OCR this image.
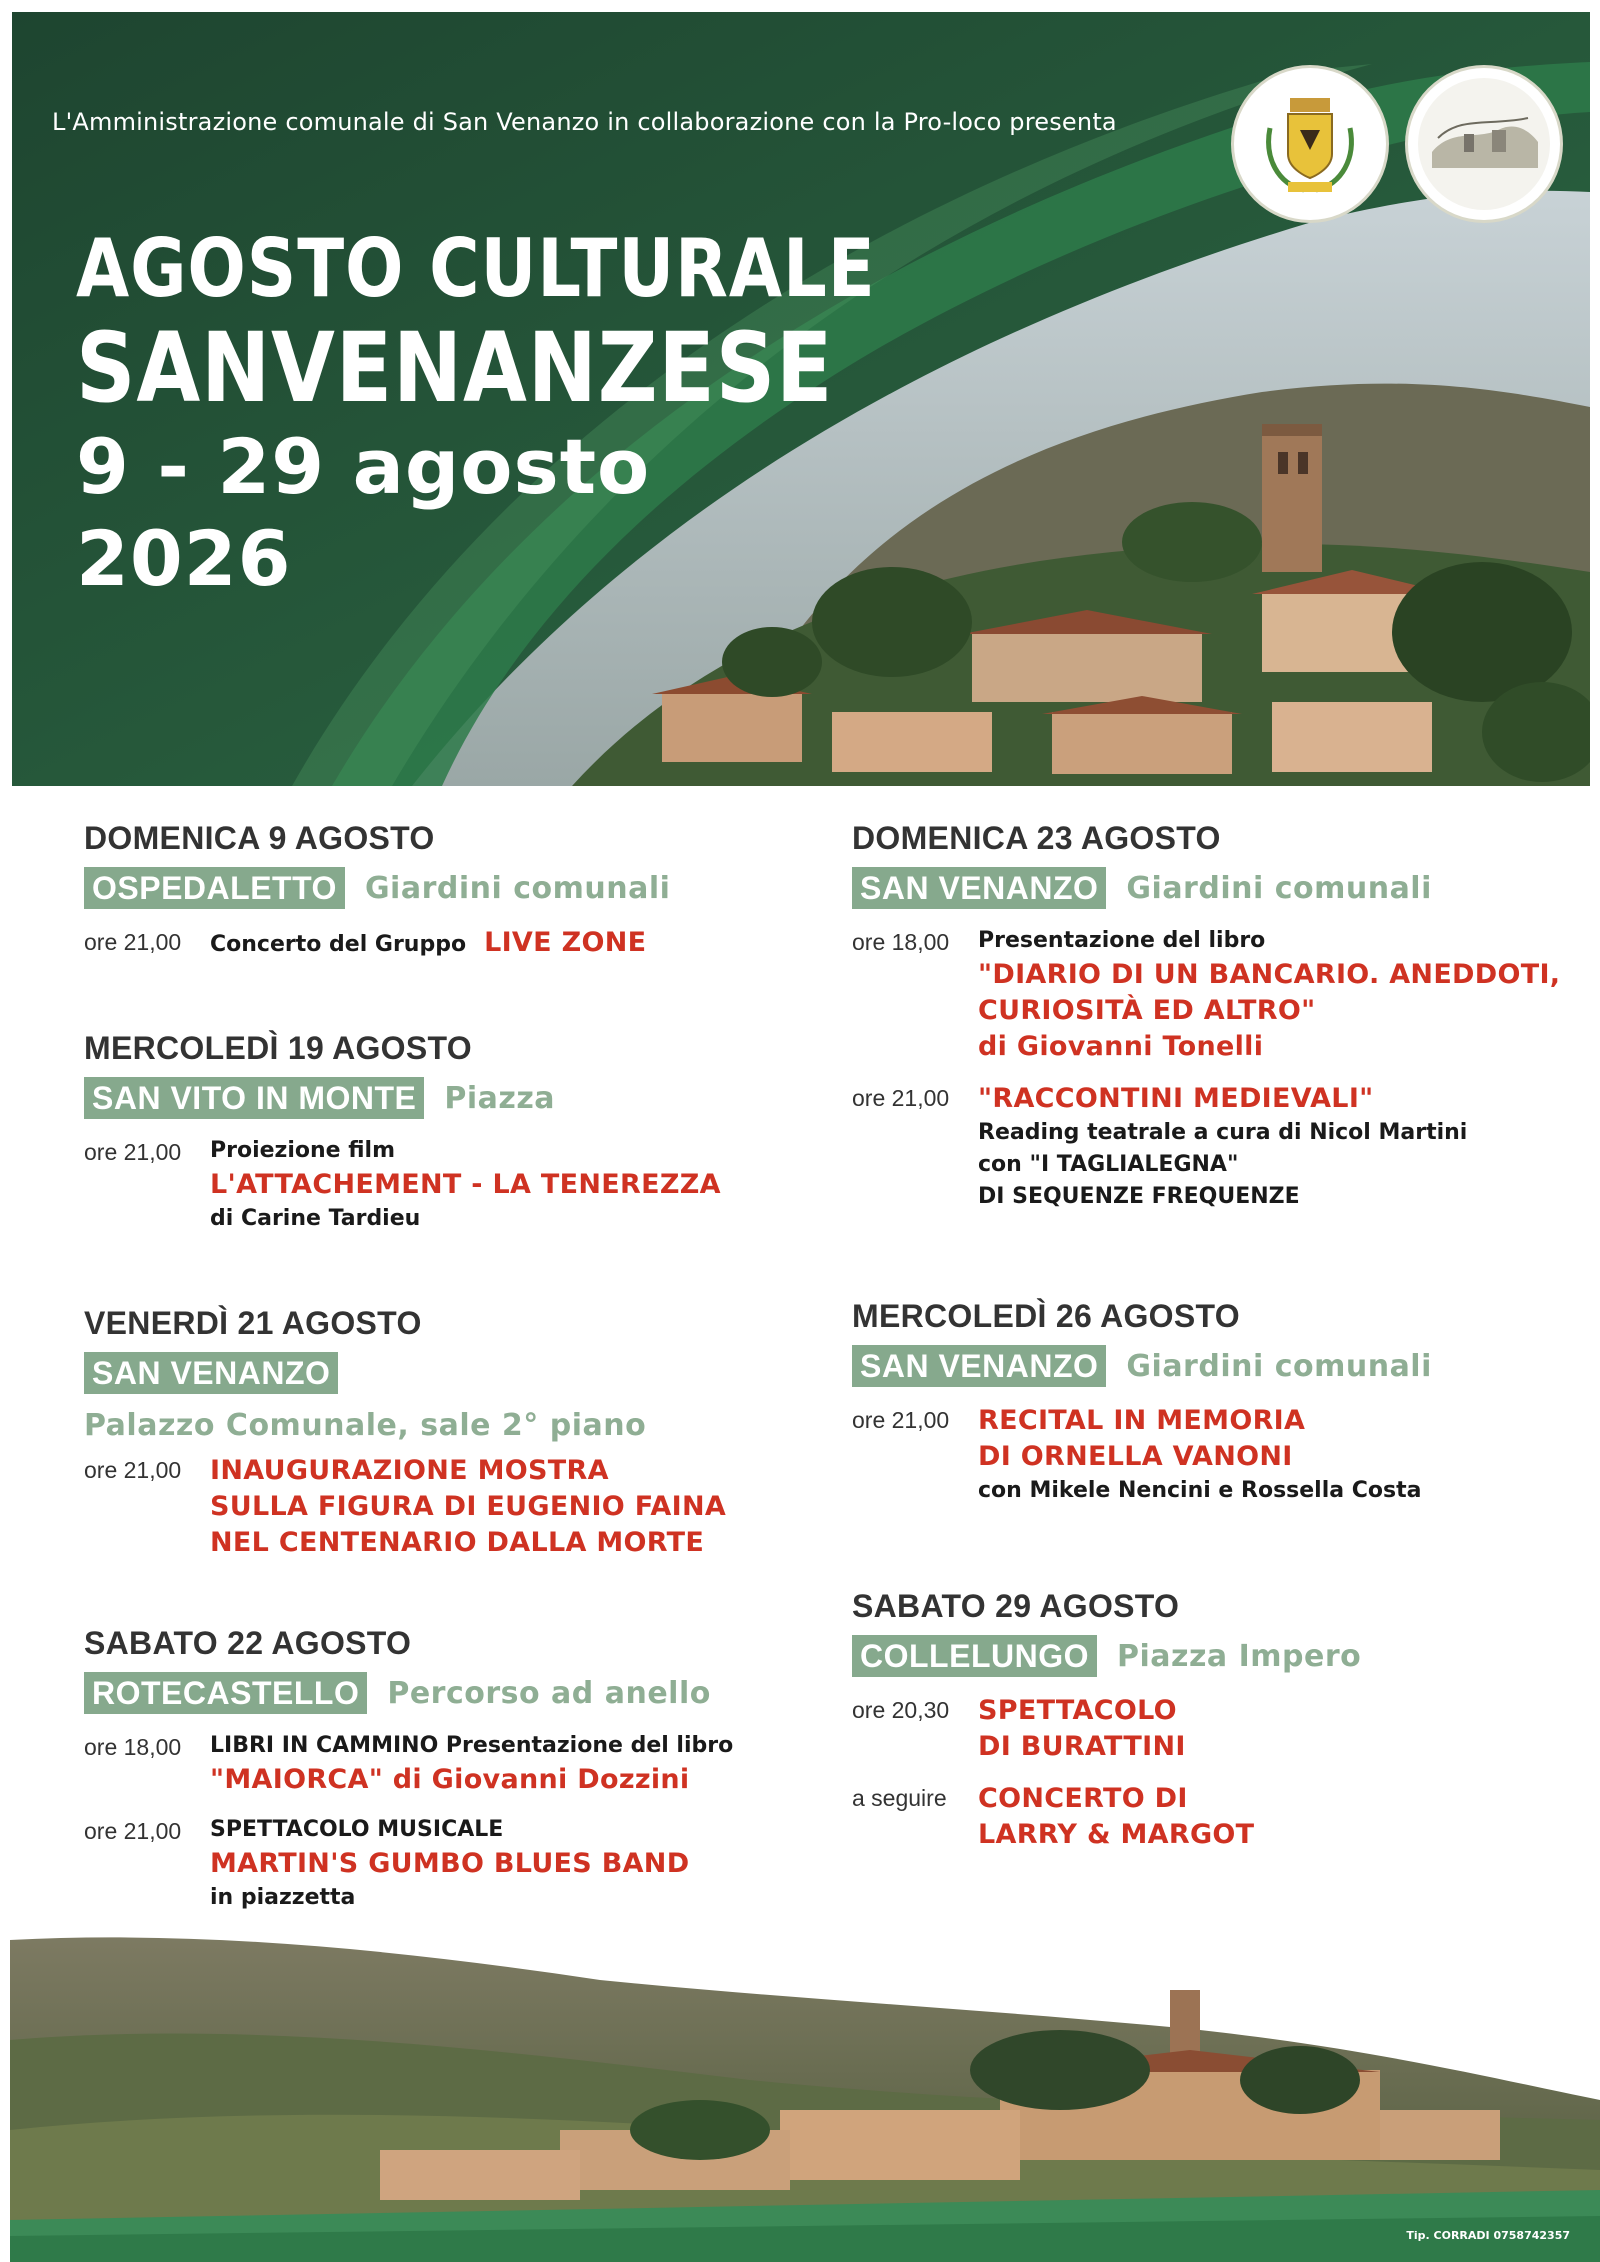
L'Amministrazione comunale di San Venanzo in collaborazione con la Pro-loco presenta
AGOSTO CULTURALE
SANVENANZESE
9 - 29 agosto
2026
DOMENICA 9 AGOSTO
OSPEDALETTO Giardini comunali
ore 21,00	Concerto del Gruppo LIVE ZONE
MERCOLEDÌ 19 AGOSTO
SAN VITO IN MONTE Piazza
ore 21,00	Proiezione film
L'ATTACHEMENT - LA TENEREZZA
di Carine Tardieu
VENERDÌ 21 AGOSTO
SAN VENANZO
Palazzo Comunale, sale 2° piano
ore 21,00	INAUGURAZIONE MOSTRA
SULLA FIGURA DI EUGENIO FAINA
NEL CENTENARIO DALLA MORTE
SABATO 22 AGOSTO
ROTECASTELLO Percorso ad anello
ore 18,00	LIBRI IN CAMMINO Presentazione del libro
"MAIORCA" di Giovanni Dozzini
ore 21,00	SPETTACOLO MUSICALE
MARTIN'S GUMBO BLUES BAND
in piazzetta
DOMENICA 23 AGOSTO
SAN VENANZO Giardini comunali
ore 18,00	Presentazione del libro
"DIARIO DI UN BANCARIO. ANEDDOTI,
CURIOSITÀ ED ALTRO"
di Giovanni Tonelli
ore 21,00	"RACCONTINI MEDIEVALI"
Reading teatrale a cura di Nicol Martini
con "I TAGLIALEGNA"
DI SEQUENZE FREQUENZE
MERCOLEDÌ 26 AGOSTO
SAN VENANZO Giardini comunali
ore 21,00	RECITAL IN MEMORIA
DI ORNELLA VANONI
con Mikele Nencini e Rossella Costa
SABATO 29 AGOSTO
COLLELUNGO Piazza Impero
ore 20,30	SPETTACOLO
DI BURATTINI
a seguire	CONCERTO DI
LARRY & MARGOT
Tip. CORRADI 0758742357
